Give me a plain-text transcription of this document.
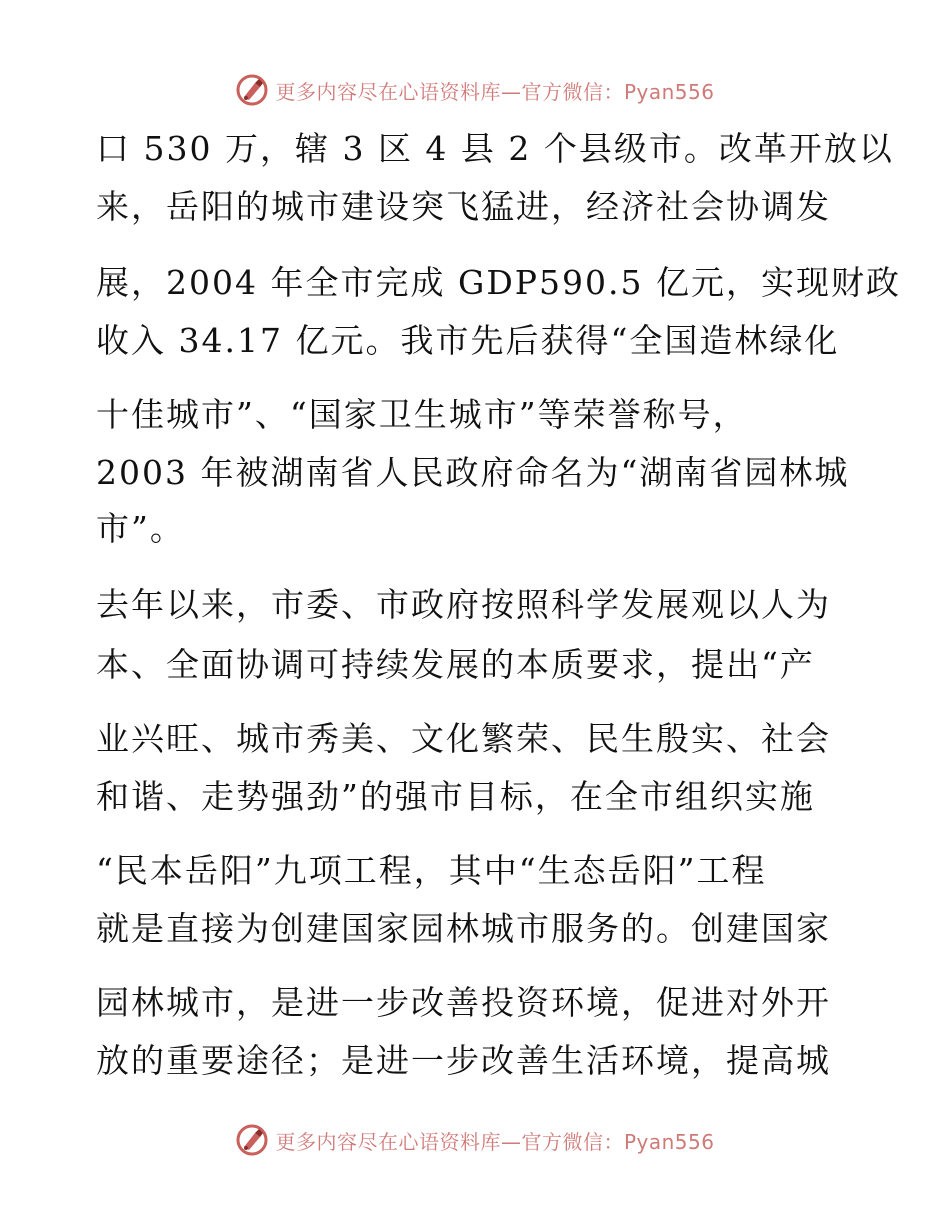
更多内容尽在心语资料库—官方微信：Pyan556
口 530 万，辖 3 区 4 县 2 个县级市。改革开放以
来，岳阳的城市建设突飞猛进，经济社会协调发
展，2004 年全市完成 GDP590.5 亿元，实现财政
收入 34.17 亿元。我市先后获得“全国造林绿化
十佳城市”、“国家卫生城市”等荣誉称号，
2003 年被湖南省人民政府命名为“湖南省园林城
市”。
去年以来，市委、市政府按照科学发展观以人为
本、全面协调可持续发展的本质要求，提出“产
业兴旺、城市秀美、文化繁荣、民生殷实、社会
和谐、走势强劲”的强市目标，在全市组织实施
“民本岳阳”九项工程，其中“生态岳阳”工程
就是直接为创建国家园林城市服务的。创建国家
园林城市，是进一步改善投资环境，促进对外开
放的重要途径；是进一步改善生活环境，提高城
更多内容尽在心语资料库—官方微信：Pyan556
